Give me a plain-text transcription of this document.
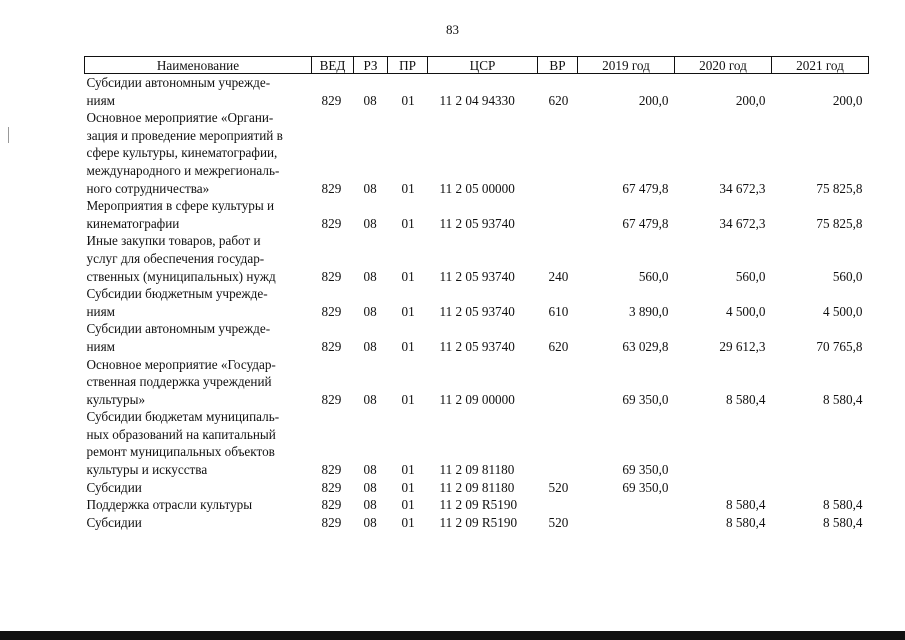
83
Наименование	ВЕД	РЗ	ПР	ЦСР	ВР	2019 год	2020 год	2021 год
Субсидии автономным учрежде-
ниям	829	08	01	11 2 04 94330	620	200,0	200,0	200,0
Основное мероприятие «Органи-
зация и проведение мероприятий в
сфере культуры, кинематографии,
международного и межрегиональ-
ного сотрудничества»	829	08	01	11 2 05 00000		67 479,8	34 672,3	75 825,8
Мероприятия в сфере культуры и
кинематографии	829	08	01	11 2 05 93740		67 479,8	34 672,3	75 825,8
Иные закупки товаров, работ и
услуг для обеспечения государ-
ственных (муниципальных) нужд	829	08	01	11 2 05 93740	240	560,0	560,0	560,0
Субсидии бюджетным учрежде-
ниям	829	08	01	11 2 05 93740	610	3 890,0	4 500,0	4 500,0
Субсидии автономным учрежде-
ниям	829	08	01	11 2 05 93740	620	63 029,8	29 612,3	70 765,8
Основное мероприятие «Государ-
ственная поддержка учреждений
культуры»	829	08	01	11 2 09 00000		69 350,0	8 580,4	8 580,4
Субсидии бюджетам муниципаль-
ных образований на капитальный
ремонт муниципальных объектов
культуры и искусства	829	08	01	11 2 09 81180		69 350,0		
Субсидии	829	08	01	11 2 09 81180	520	69 350,0		
Поддержка отрасли культуры	829	08	01	11 2 09 R5190			8 580,4	8 580,4
Субсидии	829	08	01	11 2 09 R5190	520		8 580,4	8 580,4
